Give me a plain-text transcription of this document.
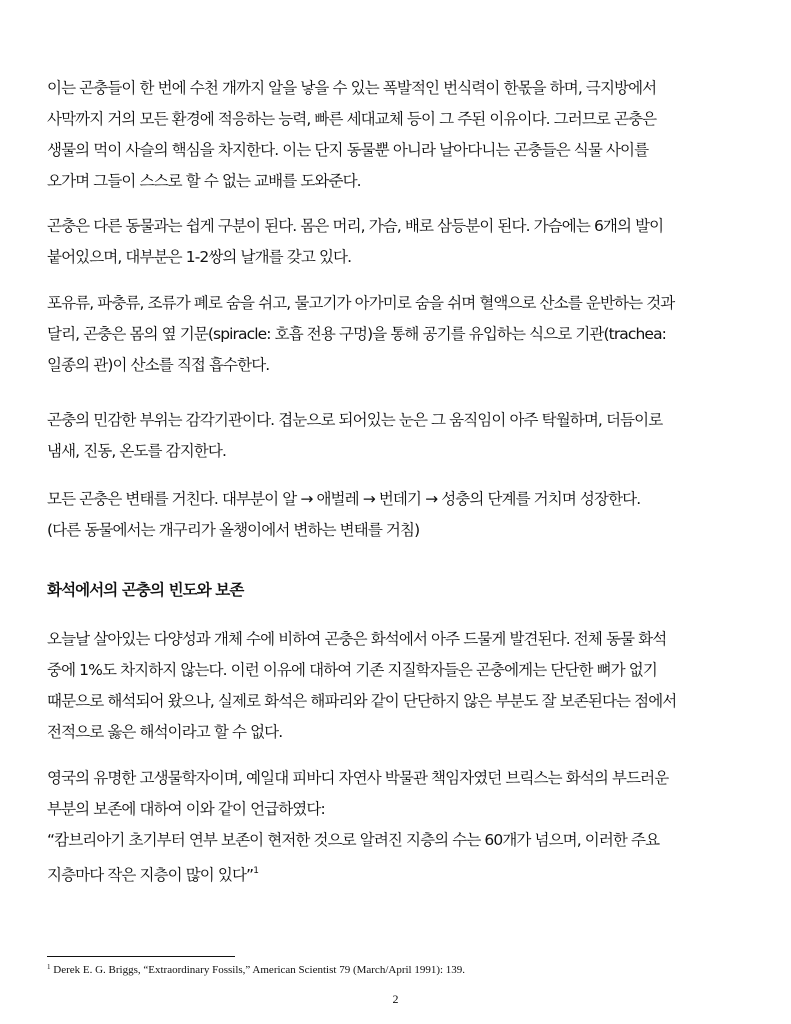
이는 곤충들이 한 번에 수천 개까지 알을 낳을 수 있는 폭발적인 번식력이 한몫을 하며, 극지방에서
사막까지 거의 모든 환경에 적응하는 능력, 빠른 세대교체 등이 그 주된 이유이다. 그러므로 곤충은
생물의 먹이 사슬의 핵심을 차지한다. 이는 단지 동물뿐 아니라 날아다니는 곤충들은 식물 사이를
오가며 그들이 스스로 할 수 없는 교배를 도와준다.

곤충은 다른 동물과는 쉽게 구분이 된다. 몸은 머리, 가슴, 배로 삼등분이 된다. 가슴에는 6개의 발이
붙어있으며, 대부분은 1-2쌍의 날개를 갖고 있다.

포유류, 파충류, 조류가 폐로 숨을 쉬고, 물고기가 아가미로 숨을 쉬며 혈액으로 산소를 운반하는 것과
달리, 곤충은 몸의 옆 기문(spiracle: 호흡 전용 구멍)을 통해 공기를 유입하는 식으로 기관(trachea:
일종의 관)이 산소를 직접 흡수한다.

곤충의 민감한 부위는 감각기관이다. 겹눈으로 되어있는 눈은 그 움직임이 아주 탁월하며, 더듬이로
냄새, 진동, 온도를 감지한다.

모든 곤충은 변태를 거친다. 대부분이 알 → 애벌레 → 번데기 → 성충의 단계를 거치며 성장한다.
(다른 동물에서는 개구리가 올챙이에서 변하는 변태를 거침)

화석에서의 곤충의 빈도와 보존

오늘날 살아있는 다양성과 개체 수에 비하여 곤충은 화석에서 아주 드물게 발견된다. 전체 동물 화석
중에 1%도 차지하지 않는다. 이런 이유에 대하여 기존 지질학자들은 곤충에게는 단단한 뼈가 없기
때문으로 해석되어 왔으나, 실제로 화석은 해파리와 같이 단단하지 않은 부분도 잘 보존된다는 점에서
전적으로 옳은 해석이라고 할 수 없다.

영국의 유명한 고생물학자이며, 예일대 피바디 자연사 박물관 책임자였던 브릭스는 화석의 부드러운
부분의 보존에 대하여 이와 같이 언급하였다:
“캄브리아기 초기부터 연부 보존이 현저한 것으로 알려진 지층의 수는 60개가 넘으며, 이러한 주요
지층마다 작은 지층이 많이 있다”$^1$

$^1$ Derek E. G. Briggs, “Extraordinary Fossils,” American Scientist 79 (March/April 1991): 139.
2
